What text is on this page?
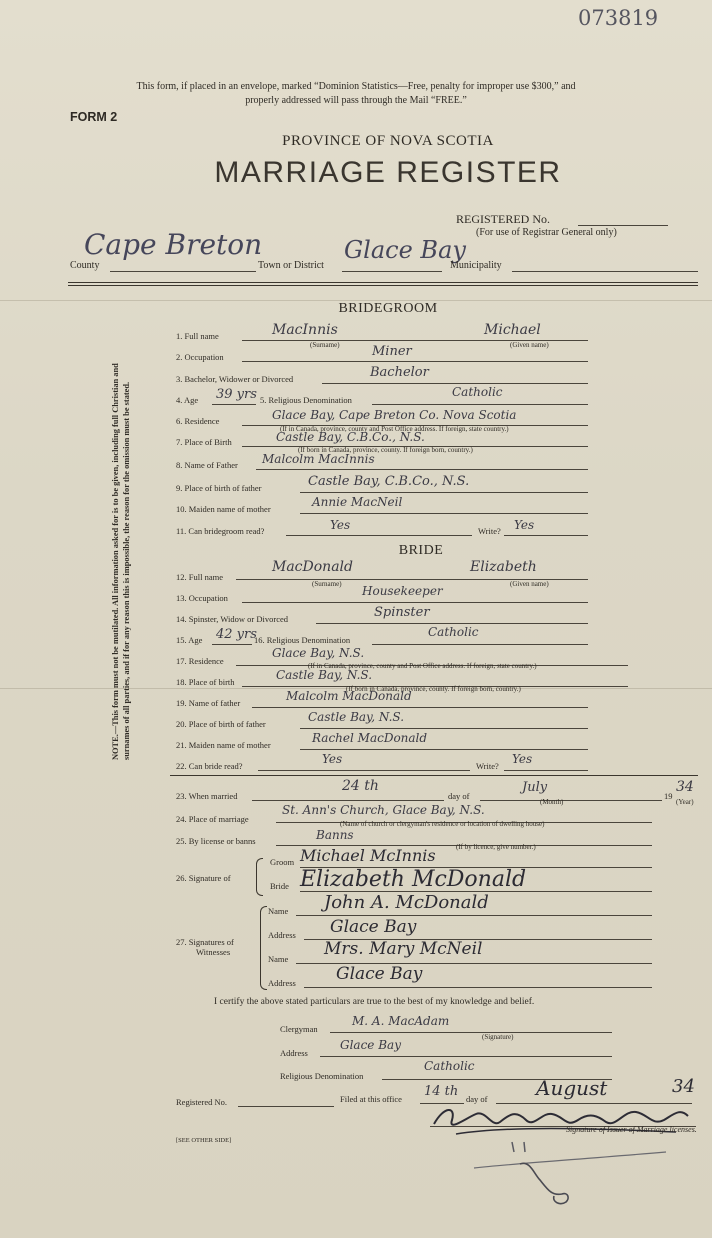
073819
This form, if placed in an envelope, marked “Dominion Statistics—Free, penalty for improper use $300,” and
properly addressed will pass through the Mail “FREE.”
FORM 2
PROVINCE OF NOVA SCOTIA
MARRIAGE REGISTER
REGISTERED No.
(For use of Registrar General only)
Cape Breton
County	Town or District
Glace Bay
Municipality
NOTE.—This form must not be mutilated. All information asked for is to be given, including full Christian and surnames of all parties, and if for any reason this is impossible, the reason for the omission must be stated.
BRIDEGROOM
1. Full name	MacInnis	Michael
(Surname)	(Given name)
2. Occupation	Miner
3. Bachelor, Widower or Divorced	Bachelor
4. Age 39 yrs 5. Religious Denomination
Catholic
6. Residence	Glace Bay, Cape Breton Co. Nova Scotia
(If in Canada, province, county and Post Office address. If foreign, state country.)
7. Place of Birth	Castle Bay, C.B.Co., N.S.
(If born in Canada, province, county. If foreign born, country.)
8. Name of Father Malcolm MacInnis
9. Place of birth of father	Castle Bay, C.B.Co., N.S.
10. Maiden name of mother	Annie MacNeil
11. Can bridegroom read?	Yes	Write? Yes
BRIDE
12. Full name
MacDonald	Elizabeth
(Surname)	(Given name)
13. Occupation	Housekeeper
14. Spinster, Widow or Divorced	Spinster
15. Age 42 yrs
16. Religious Denomination
Catholic
17. Residence
Glace Bay, N.S.
(If in Canada, province, county and Post Office address. If foreign, state country.)
18. Place of birth	Castle Bay, N.S.
(If born in Canada, province, county. If foreign born, country.)
19. Name of father	Malcolm MacDonald
20. Place of birth of father	Castle Bay, N.S.
21. Maiden name of mother	Rachel MacDonald
22. Can bride read?	Yes	Write? Yes
23. When married
24 th
day of
July
(Month)
19
34
(Year)
24. Place of marriage
St. Ann's Church, Glace Bay, N.S.
(Name of church or clergyman's residence or location of dwelling house)
25. By license or banns	Banns
(If by licence, give number.)
26. Signature of
Groom Michael McInnis
Bride Elizabeth McDonald
27. Signatures of
Witnesses
Name John A. McDonald
Address Glace Bay
Name Mrs. Mary McNeil
Address Glace Bay
I certify the above stated particulars are true to the best of my knowledge and belief.
Clergyman
M. A. MacAdam
(Signature)
Address
Glace Bay
Religious Denomination
Catholic
Registered No.	Filed at this office 14 th day of August	34
Signature of Issuer of Marriage licenses.
[SEE OTHER SIDE]
